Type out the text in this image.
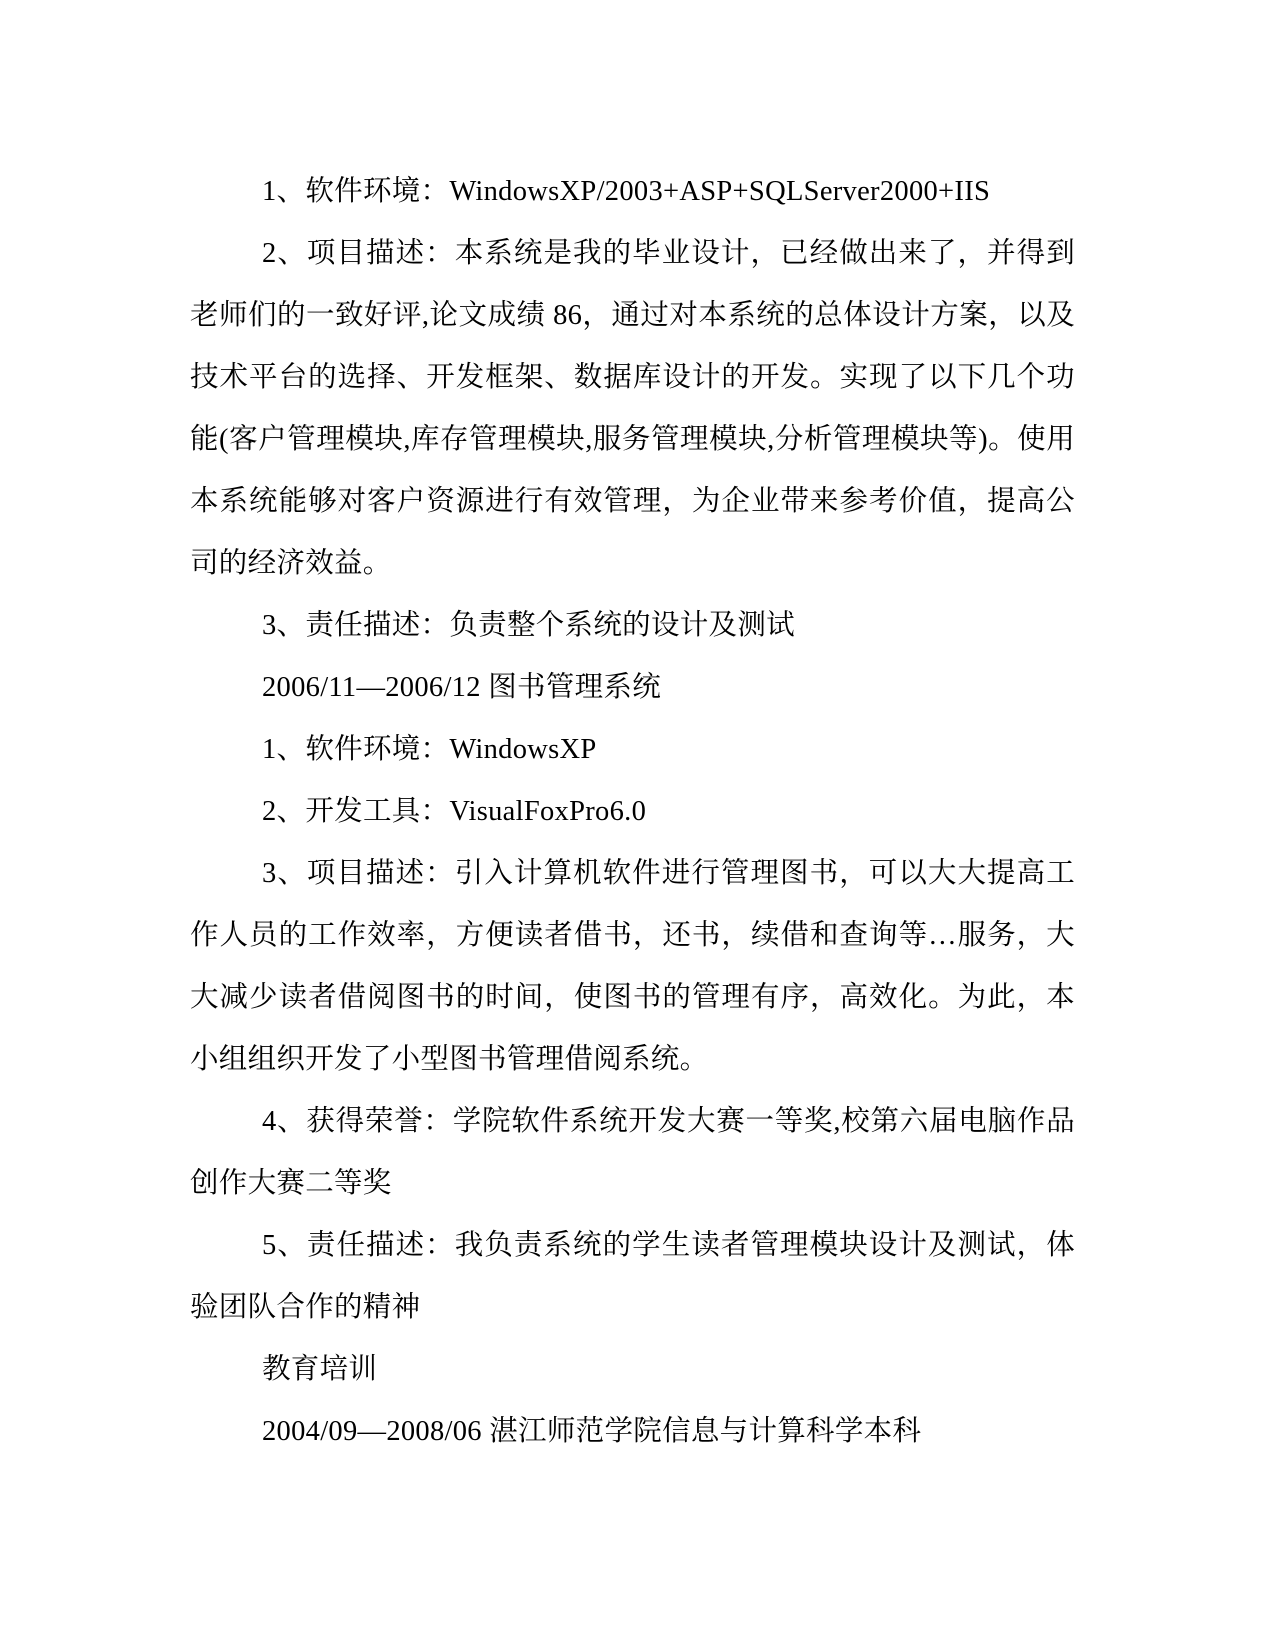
1、软件环境：WindowsXP/2003+ASP+SQLServer2000+IIS
2、项目描述：本系统是我的毕业设计，已经做出来了，并得到
老师们的一致好评,论文成绩 86，通过对本系统的总体设计方案，以及
技术平台的选择、开发框架、数据库设计的开发。实现了以下几个功
能(客户管理模块,库存管理模块,服务管理模块,分析管理模块等)。使用
本系统能够对客户资源进行有效管理，为企业带来参考价值，提高公
司的经济效益。
3、责任描述：负责整个系统的设计及测试
2006/11—2006/12 图书管理系统
1、软件环境：WindowsXP
2、开发工具：VisualFoxPro6.0
3、项目描述：引入计算机软件进行管理图书，可以大大提高工
作人员的工作效率，方便读者借书，还书，续借和查询等…服务，大
大减少读者借阅图书的时间，使图书的管理有序，高效化。为此，本
小组组织开发了小型图书管理借阅系统。
4、获得荣誉：学院软件系统开发大赛一等奖,校第六届电脑作品
创作大赛二等奖
5、责任描述：我负责系统的学生读者管理模块设计及测试，体
验团队合作的精神
教育培训
2004/09—2008/06 湛江师范学院信息与计算科学本科
